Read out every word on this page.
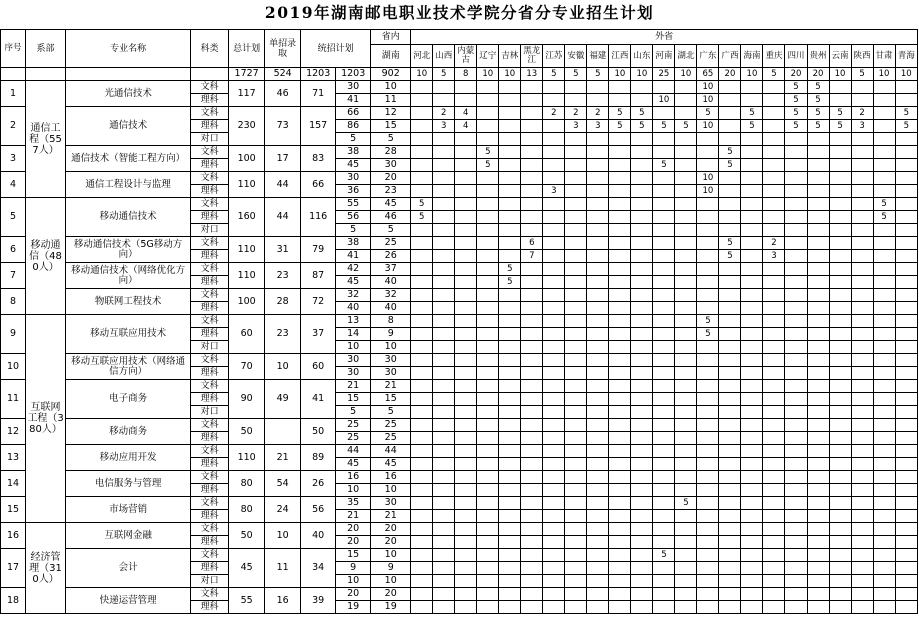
2019年湖南邮电职业技术学院分省分专业招生计划
序号	系部	专业名称	科类	总计划	单招录取	统招计划		省内	外省																						
								湖南	河北	山西	内蒙古	辽宁	吉林	黑龙江	江苏	安徽	福建	江西	山东	河南	湖北	广东	广西	海南	重庆	四川	贵州	云南	陕西	甘肃	青海

				1727	524	1203	1203	902	10	5	8	10	10	13	5	5	5	10	10	25	10	65	20	10	5	20	20	10	5	10	10
1	通信工程（557人）	光通信技术	文科	117	46	71	30	10														10				5	5				
			理科				41	11												10		10				5	5				
2		通信技术	文科	230	73	157	66	12		2	4				2	2	2	5	5			5		5		5	5	5	2		5
			理科				86	15		3	4					3	3	5	5	5	5	10		5		5	5	5	3		5
			对口				5	5																							
3		通信技术（智能工程方向）	文科	100	17	83	38	28				5											5								
			理科				45	30				5								5			5								
4		通信工程设计与监理	文科	110	44	66	30	20														10									
			理科				36	23							3							10									
5	移动通信（480人）	移动通信技术	文科	160	44	116	55	45	5																					5	
			理科				56	46	5																					5	
			对口				5	5																							
6		移动通信技术（5G移动方向）	文科	110	31	79	38	25						6									5		2						
			理科				41	26						7									5		3						
7		移动通信技术（网络优化方向）	文科	110	23	87	42	37					5																		
			理科				45	40					5																		
8		物联网工程技术	文科	100	28	72	32	32																							
			理科				40	40																							
9	互联网工程（380人）	移动互联应用技术	文科	60	23	37	13	8														5									
			理科				14	9														5									
			对口				10	10																							
10		移动互联应用技术（网络通信方向）	文科	70	10	60	30	30																							
			理科				30	30																							
11		电子商务	文科	90	49	41	21	21																							
			理科				15	15																							
			对口				5	5																							
12		移动商务	文科	50		50	25	25																							
			理科				25	25																							
13		移动应用开发	文科	110	21	89	44	44																							
			理科				45	45																							
14		电信服务与管理	文科	80	54	26	16	16																							
			理科				10	10																							
15		市场营销	文科	80	24	56	35	30													5										
			理科				21	21																							
16	经济管理（310人）	互联网金融	文科	50	10	40	20	20																							
			理科				20	20																							
17		会计	文科	45	11	34	15	10												5											
			理科				9	9																							
			对口				10	10																							
18		快递运营管理	文科	55	16	39	20	20																							
			理科				19	19																							
